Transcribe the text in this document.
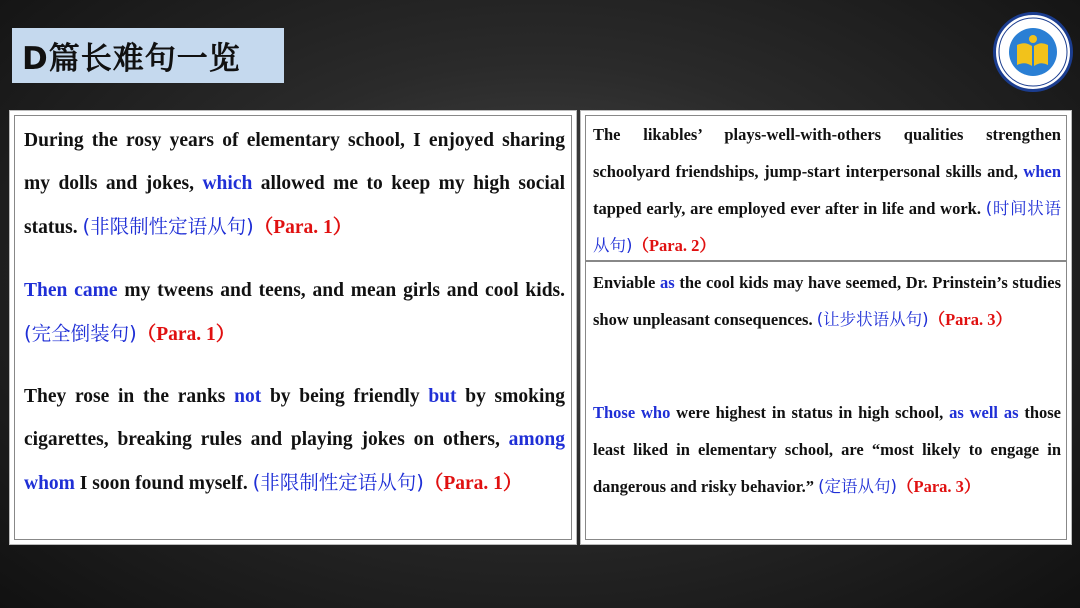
D篇长难句一览
During the rosy years of elementary school, I enjoyed sharing my dolls and jokes, which allowed me to keep my high social status. (非限制性定语从句)（Para. 1）
Then came my tweens and teens, and mean girls and cool kids. (完全倒装句)（Para. 1）
They rose in the ranks not by being friendly but by smoking cigarettes, breaking rules and playing jokes on others, among whom I soon found myself. (非限制性定语从句)（Para. 1）
The likables’ plays-well-with-others qualities strengthen schoolyard friendships, jump-start interpersonal skills and, when tapped early, are employed ever after in life and work. (时间状语从句)（Para. 2）
Enviable as the cool kids may have seemed, Dr. Prinstein’s studies show unpleasant consequences. (让步状语从句)（Para. 3）
Those who were highest in status in high school, as well as those least liked in elementary school, are “most likely to engage in dangerous and risky behavior.” (定语从句)（Para. 3）
